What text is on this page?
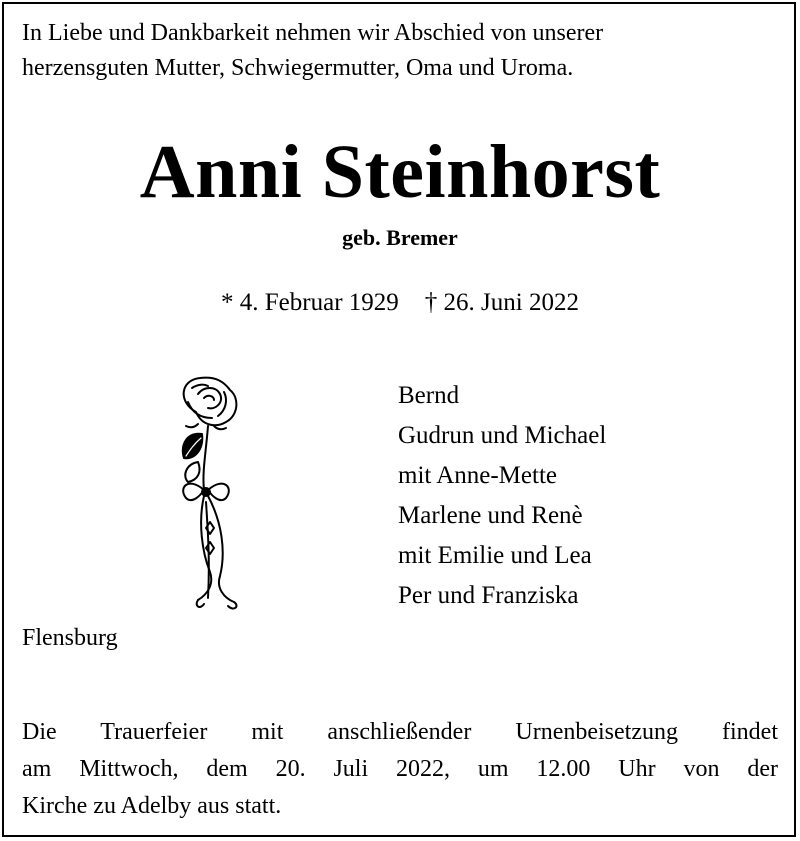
In Liebe und Dankbarkeit nehmen wir Abschied von unserer
herzensguten Mutter, Schwiegermutter, Oma und Uroma.
Anni Steinhorst
geb. Bremer
* 4. Februar 1929 † 26. Juni 2022
Bernd
Gudrun und Michael
mit Anne-Mette
Marlene und Renè
mit Emilie und Lea
Per und Franziska
Flensburg
Die Trauerfeier mit anschließender Urnenbeisetzung findet
am Mittwoch, dem 20. Juli 2022, um 12.00 Uhr von der
Kirche zu Adelby aus statt.
